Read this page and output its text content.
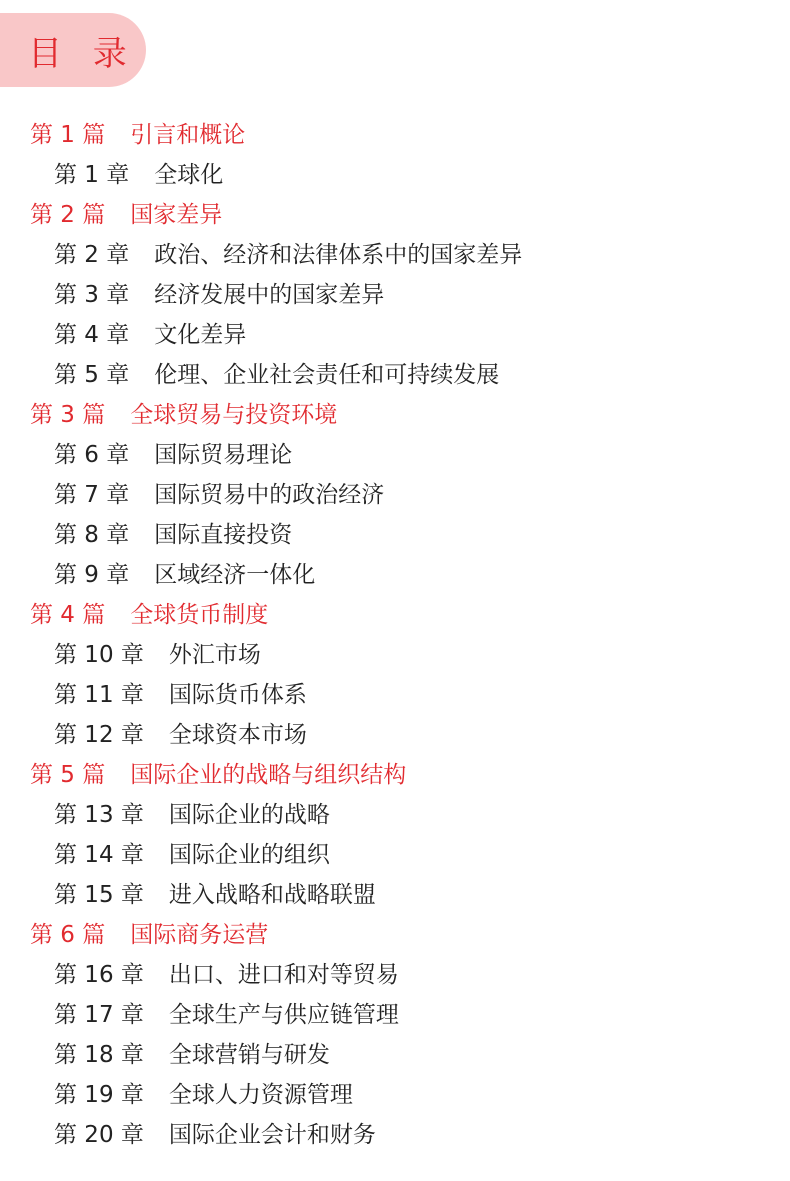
目 录
第 1 篇 引言和概论
第 1 章 全球化
第 2 篇 国家差异
第 2 章 政治、经济和法律体系中的国家差异
第 3 章 经济发展中的国家差异
第 4 章 文化差异
第 5 章 伦理、企业社会责任和可持续发展
第 3 篇 全球贸易与投资环境
第 6 章 国际贸易理论
第 7 章 国际贸易中的政治经济
第 8 章 国际直接投资
第 9 章 区域经济一体化
第 4 篇 全球货币制度
第 10 章 外汇市场
第 11 章 国际货币体系
第 12 章 全球资本市场
第 5 篇 国际企业的战略与组织结构
第 13 章 国际企业的战略
第 14 章 国际企业的组织
第 15 章 进入战略和战略联盟
第 6 篇 国际商务运营
第 16 章 出口、进口和对等贸易
第 17 章 全球生产与供应链管理
第 18 章 全球营销与研发
第 19 章 全球人力资源管理
第 20 章 国际企业会计和财务
